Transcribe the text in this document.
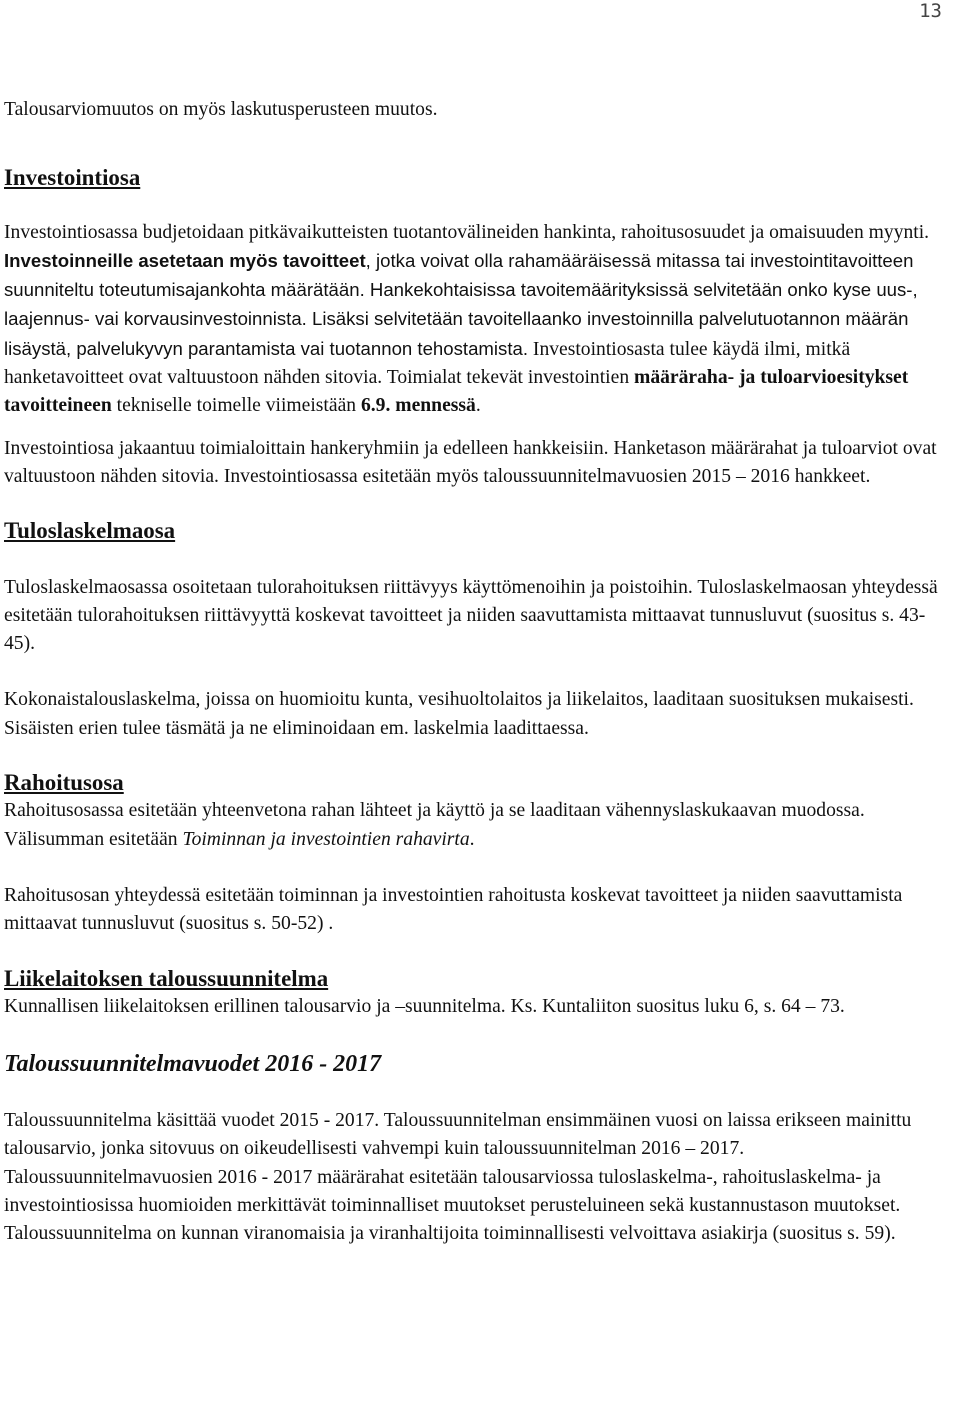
13

Talousarviomuutos on myös laskutusperusteen muutos.

Investointiosa

Investointiosassa budjetoidaan pitkävaikutteisten tuotantovälineiden hankinta, rahoitusosuudet ja omaisuuden myynti. Investoinneille asetetaan myös tavoitteet, jotka voivat olla rahamääräisessä mitassa tai investointitavoitteen suunniteltu toteutumisajankohta määrätään. Hankekohtaisissa tavoitemäärityksissä selvitetään onko kyse uus-, laajennus- vai korvausinvestoinnista. Lisäksi selvitetään tavoitellaanko investoinnilla palvelutuotannon määrän lisäystä, palvelukyvyn parantamista vai tuotannon tehostamista. Investointiosasta tulee käydä ilmi, mitkä hanketavoitteet ovat valtuustoon nähden sitovia. Toimialat tekevät investointien määräraha- ja tuloarvioesitykset tavoitteineen tekniselle toimelle viimeistään 6.9. mennessä.

Investointiosa jakaantuu toimialoittain hankeryhmiin ja edelleen hankkeisiin. Hanketason määrärahat ja tuloarviot ovat valtuustoon nähden sitovia. Investointiosassa esitetään myös taloussuunnitelmavuosien 2015 – 2016 hankkeet.

Tuloslaskelmaosa

Tuloslaskelmaosassa osoitetaan tulorahoituksen riittävyys käyttömenoihin ja poistoihin. Tuloslaskelmaosan yhteydessä esitetään tulorahoituksen riittävyyttä koskevat tavoitteet ja niiden saavuttamista mittaavat tunnusluvut (suositus s. 43-45).

Kokonaistalouslaskelma, joissa on huomioitu kunta, vesihuoltolaitos ja liikelaitos, laaditaan suosituksen mukaisesti. Sisäisten erien tulee täsmätä ja ne eliminoidaan em. laskelmia laadittaessa.

Rahoitusosa

Rahoitusosassa esitetään yhteenvetona rahan lähteet ja käyttö ja se laaditaan vähennyslaskukaavan muodossa. Välisumman esitetään Toiminnan ja investointien rahavirta.

Rahoitusosan yhteydessä esitetään toiminnan ja investointien rahoitusta koskevat tavoitteet ja niiden saavuttamista mittaavat tunnusluvut (suositus s. 50-52) .

Liikelaitoksen taloussuunnitelma

Kunnallisen liikelaitoksen erillinen talousarvio ja –suunnitelma. Ks. Kuntaliiton suositus luku 6, s. 64 – 73.

Taloussuunnitelmavuodet 2016 - 2017

Taloussuunnitelma käsittää vuodet 2015 - 2017. Taloussuunnitelman ensimmäinen vuosi on laissa erikseen mainittu talousarvio, jonka sitovuus on oikeudellisesti vahvempi kuin taloussuunnitelman 2016 – 2017. Taloussuunnitelmavuosien 2016 - 2017 määrärahat esitetään talousarviossa tuloslaskelma-, rahoituslaskelma- ja investointiosissa huomioiden merkittävät toiminnalliset muutokset perusteluineen sekä kustannustason muutokset. Taloussuunnitelma on kunnan viranomaisia ja viranhaltijoita toiminnallisesti velvoittava asiakirja (suositus s. 59).
